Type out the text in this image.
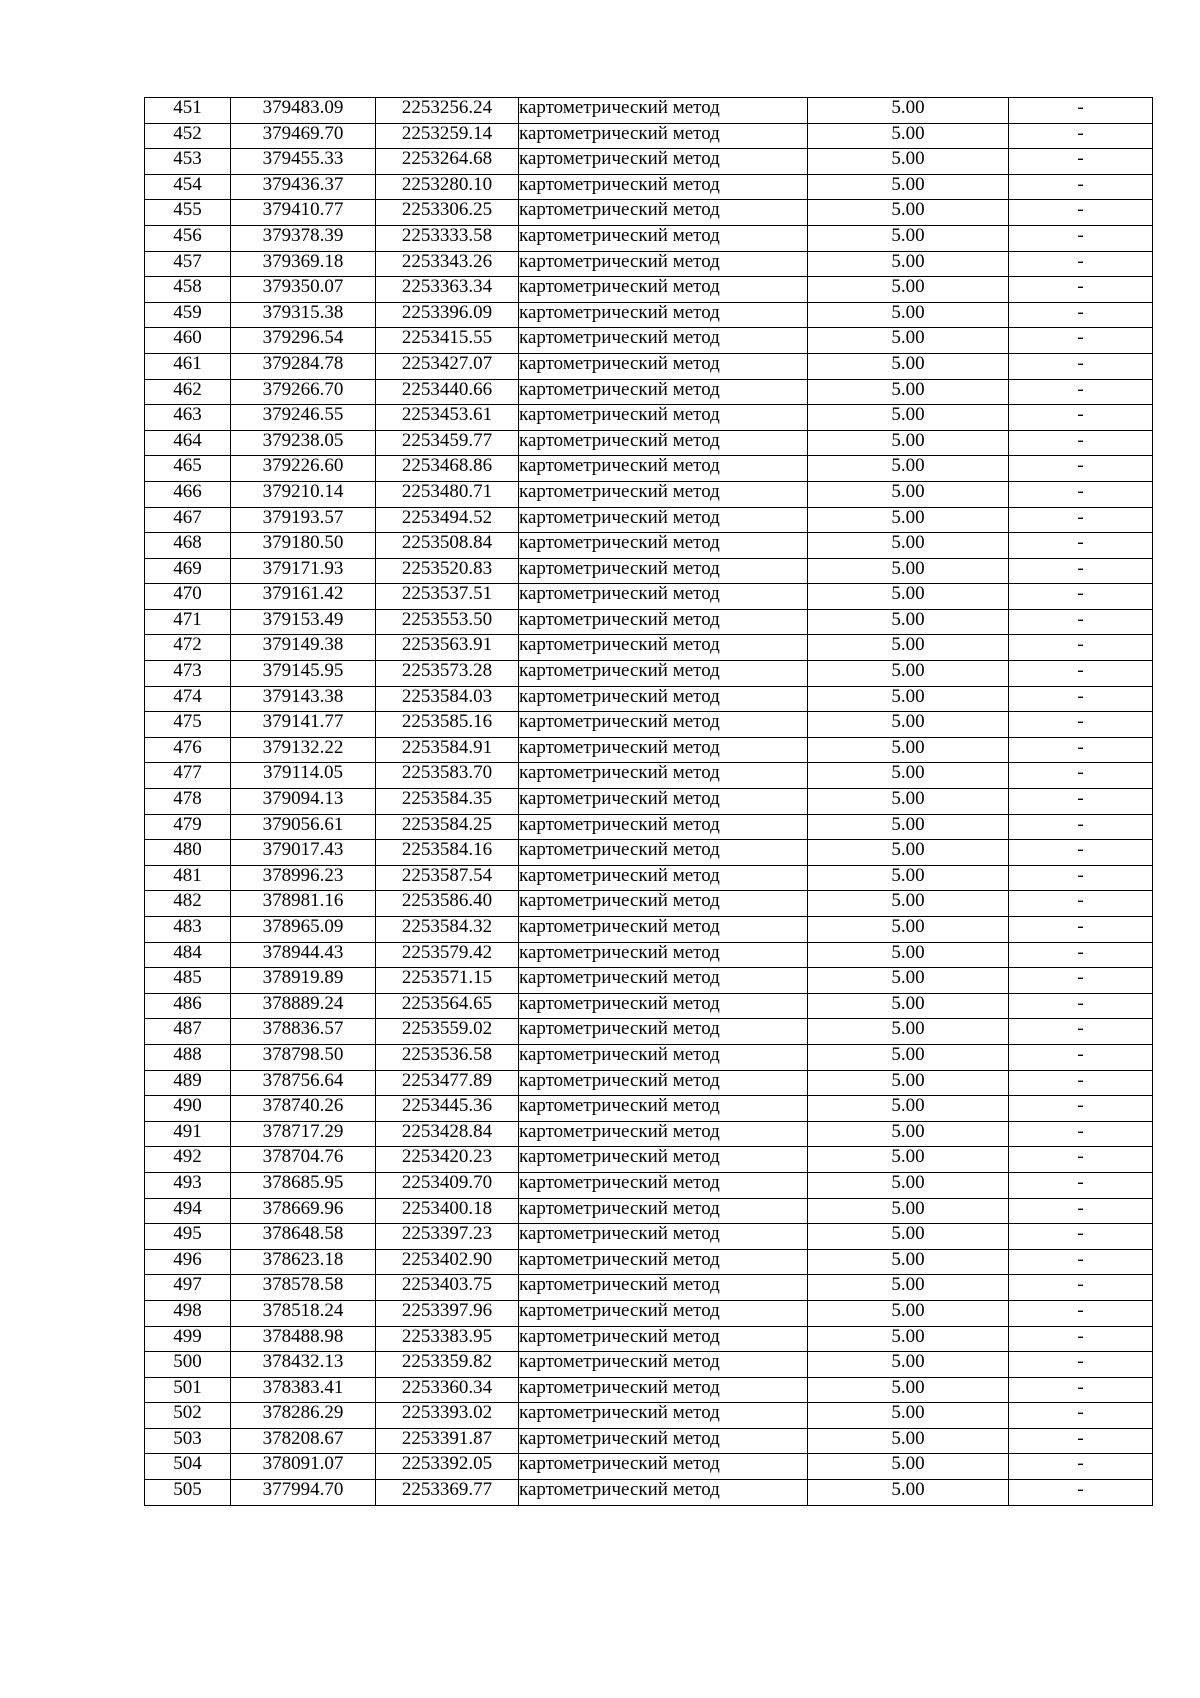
451	379483.09	2253256.24	картометрический метод	5.00	-
452	379469.70	2253259.14	картометрический метод	5.00	-
453	379455.33	2253264.68	картометрический метод	5.00	-
454	379436.37	2253280.10	картометрический метод	5.00	-
455	379410.77	2253306.25	картометрический метод	5.00	-
456	379378.39	2253333.58	картометрический метод	5.00	-
457	379369.18	2253343.26	картометрический метод	5.00	-
458	379350.07	2253363.34	картометрический метод	5.00	-
459	379315.38	2253396.09	картометрический метод	5.00	-
460	379296.54	2253415.55	картометрический метод	5.00	-
461	379284.78	2253427.07	картометрический метод	5.00	-
462	379266.70	2253440.66	картометрический метод	5.00	-
463	379246.55	2253453.61	картометрический метод	5.00	-
464	379238.05	2253459.77	картометрический метод	5.00	-
465	379226.60	2253468.86	картометрический метод	5.00	-
466	379210.14	2253480.71	картометрический метод	5.00	-
467	379193.57	2253494.52	картометрический метод	5.00	-
468	379180.50	2253508.84	картометрический метод	5.00	-
469	379171.93	2253520.83	картометрический метод	5.00	-
470	379161.42	2253537.51	картометрический метод	5.00	-
471	379153.49	2253553.50	картометрический метод	5.00	-
472	379149.38	2253563.91	картометрический метод	5.00	-
473	379145.95	2253573.28	картометрический метод	5.00	-
474	379143.38	2253584.03	картометрический метод	5.00	-
475	379141.77	2253585.16	картометрический метод	5.00	-
476	379132.22	2253584.91	картометрический метод	5.00	-
477	379114.05	2253583.70	картометрический метод	5.00	-
478	379094.13	2253584.35	картометрический метод	5.00	-
479	379056.61	2253584.25	картометрический метод	5.00	-
480	379017.43	2253584.16	картометрический метод	5.00	-
481	378996.23	2253587.54	картометрический метод	5.00	-
482	378981.16	2253586.40	картометрический метод	5.00	-
483	378965.09	2253584.32	картометрический метод	5.00	-
484	378944.43	2253579.42	картометрический метод	5.00	-
485	378919.89	2253571.15	картометрический метод	5.00	-
486	378889.24	2253564.65	картометрический метод	5.00	-
487	378836.57	2253559.02	картометрический метод	5.00	-
488	378798.50	2253536.58	картометрический метод	5.00	-
489	378756.64	2253477.89	картометрический метод	5.00	-
490	378740.26	2253445.36	картометрический метод	5.00	-
491	378717.29	2253428.84	картометрический метод	5.00	-
492	378704.76	2253420.23	картометрический метод	5.00	-
493	378685.95	2253409.70	картометрический метод	5.00	-
494	378669.96	2253400.18	картометрический метод	5.00	-
495	378648.58	2253397.23	картометрический метод	5.00	-
496	378623.18	2253402.90	картометрический метод	5.00	-
497	378578.58	2253403.75	картометрический метод	5.00	-
498	378518.24	2253397.96	картометрический метод	5.00	-
499	378488.98	2253383.95	картометрический метод	5.00	-
500	378432.13	2253359.82	картометрический метод	5.00	-
501	378383.41	2253360.34	картометрический метод	5.00	-
502	378286.29	2253393.02	картометрический метод	5.00	-
503	378208.67	2253391.87	картометрический метод	5.00	-
504	378091.07	2253392.05	картометрический метод	5.00	-
505	377994.70	2253369.77	картометрический метод	5.00	-
